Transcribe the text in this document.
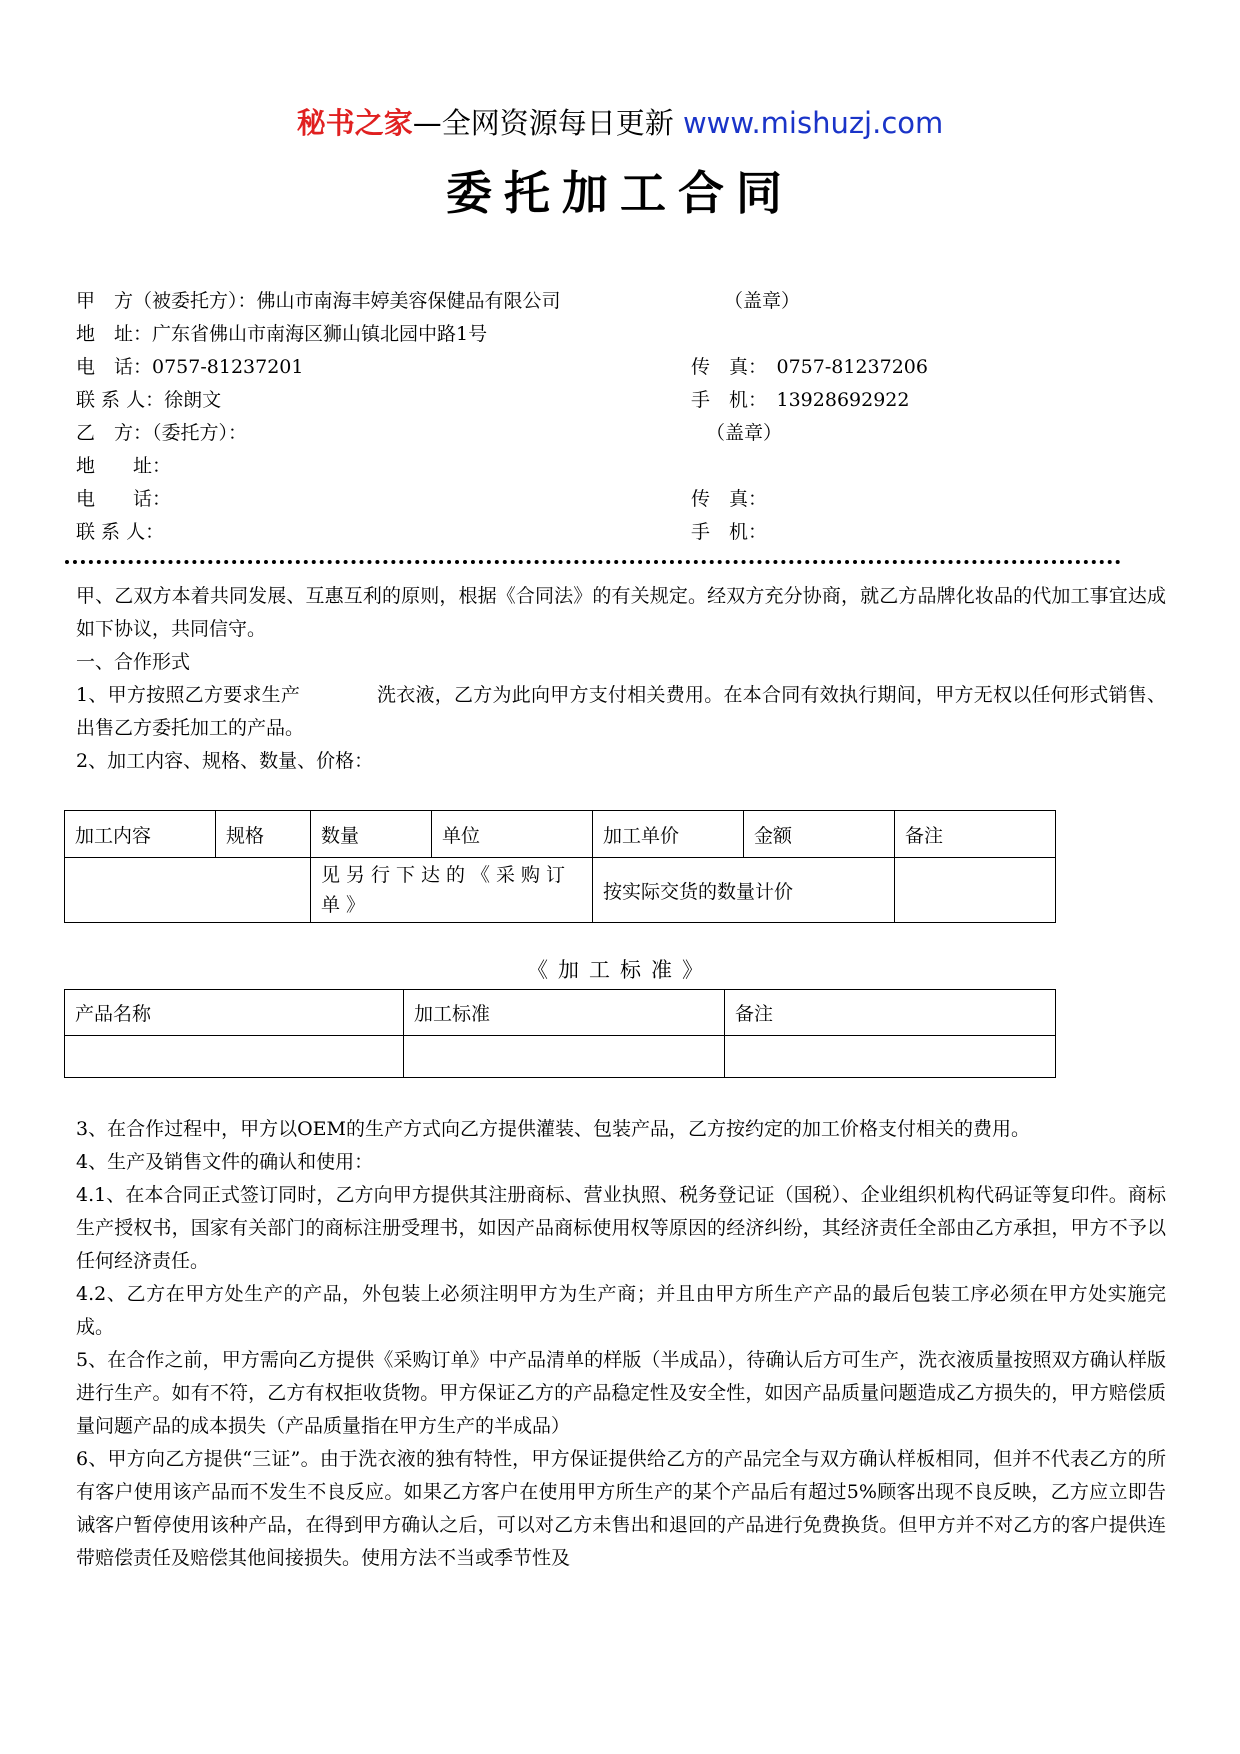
秘书之家—全网资源每日更新 www.mishuzj.com
委托加工合同
甲　方（被委托方）：佛山市南海丰婷美容保健品有限公司	（盖章）
地　址：广东省佛山市南海区狮山镇北园中路1号
电　话：0757-81237201	传　真：　0757-81237206
联 系 人：徐朗文	手　机：　13928692922
乙　方：（委托方）：	（盖章）
地　　址：
电　　话：	传　真：
联 系 人：	手　机：

甲、乙双方本着共同发展、互惠互利的原则，根据《合同法》的有关规定。经双方充分协商，就乙方品牌化妆品的代加工事宜达成如下协议，共同信守。

一、合作形式

1、甲方按照乙方要求生产　　　　洗衣液，乙方为此向甲方支付相关费用。在本合同有效执行期间，甲方无权以任何形式销售、出售乙方委托加工的产品。

2、加工内容、规格、数量、价格：

加工内容	规格	数量	单位	加工单价	金额	备注
		见另行下达的《采购订单》		按实际交货的数量计价		
《加工标准》
产品名称	加工标准	备注

3、在合作过程中，甲方以OEM的生产方式向乙方提供灌装、包装产品，乙方按约定的加工价格支付相关的费用。

4、生产及销售文件的确认和使用：

4.1、在本合同正式签订同时，乙方向甲方提供其注册商标、营业执照、税务登记证（国税）、企业组织机构代码证等复印件。商标生产授权书，国家有关部门的商标注册受理书，如因产品商标使用权等原因的经济纠纷，其经济责任全部由乙方承担，甲方不予以任何经济责任。

4.2、乙方在甲方处生产的产品，外包装上必须注明甲方为生产商；并且由甲方所生产产品的最后包装工序必须在甲方处实施完成。

5、在合作之前，甲方需向乙方提供《采购订单》中产品清单的样版（半成品），待确认后方可生产，洗衣液质量按照双方确认样版进行生产。如有不符，乙方有权拒收货物。甲方保证乙方的产品稳定性及安全性，如因产品质量问题造成乙方损失的，甲方赔偿质量问题产品的成本损失（产品质量指在甲方生产的半成品）

6、甲方向乙方提供“三证”。由于洗衣液的独有特性，甲方保证提供给乙方的产品完全与双方确认样板相同，但并不代表乙方的所有客户使用该产品而不发生不良反应。如果乙方客户在使用甲方所生产的某个产品后有超过5%顾客出现不良反映，乙方应立即告诫客户暂停使用该种产品，在得到甲方确认之后，可以对乙方未售出和退回的产品进行免费换货。但甲方并不对乙方的客户提供连带赔偿责任及赔偿其他间接损失。使用方法不当或季节性及
